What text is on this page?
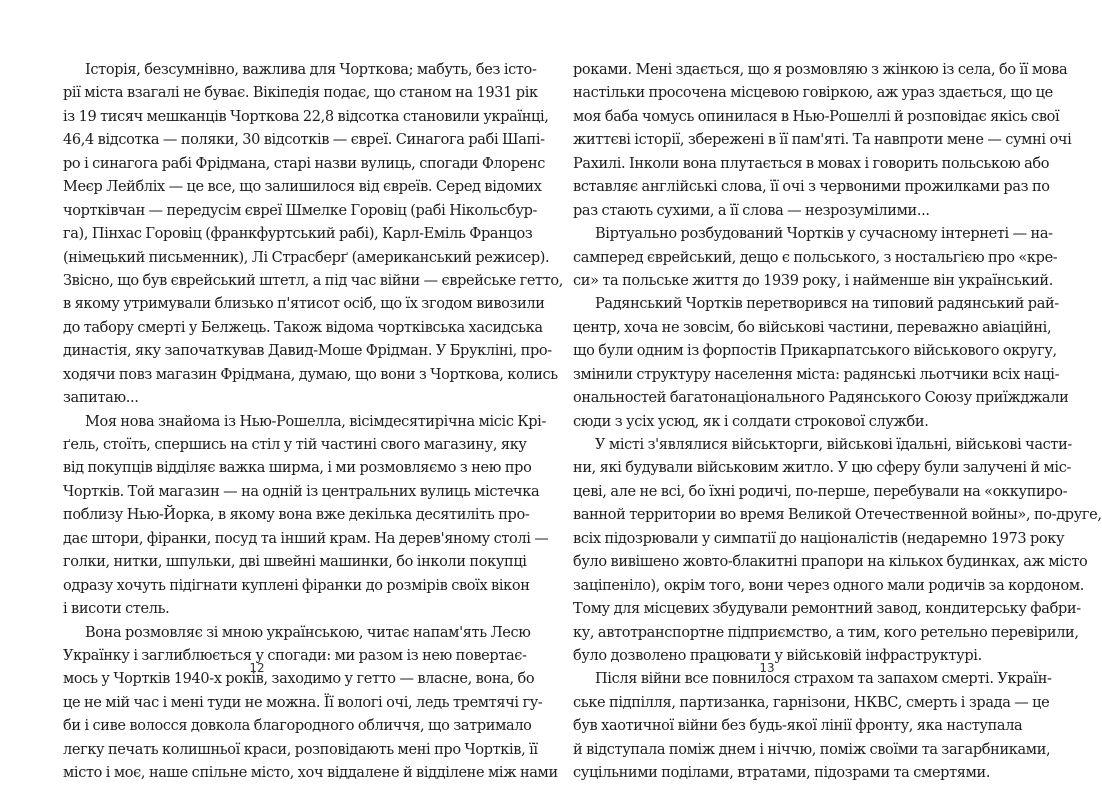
Історія, безсумнівно, важлива для Чорткова; мабуть, без істо-
рії міста взагалі не буває. Вікіпедія подає, що станом на 1931 рік
із 19 тисяч мешканців Чорткова 22,8 відсотка становили українці,
46,4 відсотка — поляки, 30 відсотків — євреї. Синагога рабі Шапі-
ро і синагога рабі Фрідмана, старі назви вулиць, спогади Флоренс
Меєр Лейбліх — це все, що залишилося від євреїв. Серед відомих
чортківчан — передусім євреї Шмелке Горовіц (рабі Нікольсбур-
га), Пінхас Горовіц (франкфуртський рабі), Карл-Еміль Францоз
(німецький письменник), Лі Страсберґ (американський режисер).
Звісно, що був єврейський штетл, а під час війни — єврейське гетто,
в якому утримували близько п'ятисот осіб, що їх згодом вивозили
до табору смерті у Белжець. Також відома чортківська хасидська
династія, яку започаткував Давид-Моше Фрідман. У Брукліні, про-
ходячи повз магазин Фрідмана, думаю, що вони з Чорткова, колись
запитаю...
Моя нова знайома із Нью-Рошелла, вісімдесятирічна місіс Крі-
ґель, стоїть, спершись на стіл у тій частині свого магазину, яку
від покупців відділяє важка ширма, і ми розмовляємо з нею про
Чортків. Той магазин — на одній із центральних вулиць містечка
поблизу Нью-Йорка, в якому вона вже декілька десятиліть про-
дає штори, фіранки, посуд та інший крам. На дерев'яному столі —
голки, нитки, шпульки, дві швейні машинки, бо інколи покупці
одразу хочуть підігнати куплені фіранки до розмірів своїх вікон
і висоти стель.
Вона розмовляє зі мною українською, читає напам'ять Лесю
Українку і заглиблюється у спогади: ми разом із нею повертає-
мось у Чортків 1940-х років, заходимо у гетто — власне, вона, бо
це не мій час і мені туди не можна. Її вологі очі, ледь тремтячі гу-
би і сиве волосся довкола благородного обличчя, що затримало
легку печать колишньої краси, розповідають мені про Чортків, її
місто і моє, наше спільне місто, хоч віддалене й відділене між нами
роками. Мені здається, що я розмовляю з жінкою із села, бо її мова
настільки просочена місцевою говіркою, аж ураз здається, що це
моя баба чомусь опинилася в Нью-Рошеллі й розповідає якісь свої
життєві історії, збережені в її пам'яті. Та навпроти мене — сумні очі
Рахилі. Інколи вона плутається в мовах і говорить польською або
вставляє англійські слова, її очі з червоними прожилками раз по
раз стають сухими, а її слова — незрозумілими...
Віртуально розбудований Чортків у сучасному інтернеті — на-
самперед єврейський, дещо є польського, з ностальгією про «кре-
си» та польське життя до 1939 року, і найменше він український.
Радянський Чортків перетворився на типовий радянський рай-
центр, хоча не зовсім, бо військові частини, переважно авіаційні,
що були одним із форпостів Прикарпатського військового округу,
змінили структуру населення міста: радянські льотчики всіх наці-
ональностей багатонаціонального Радянського Союзу приїжджали
сюди з усіх усюд, як і солдати строкової служби.
У місті з'являлися військторги, військові їдальні, військові части-
ни, які будували військовим житло. У цю сферу були залучені й міс-
цеві, але не всі, бо їхні родичі, по-перше, перебували на «оккупиро-
ванной территории во время Великой Отечественной войны», по-друге,
всіх підозрювали у симпатії до націоналістів (недаремно 1973 року
було вивішено жовто-блакитні прапори на кількох будинках, аж місто
заціпеніло), окрім того, вони через одного мали родичів за кордоном.
Тому для місцевих збудували ремонтний завод, кондитерську фабри-
ку, автотранспортне підприємство, а тим, кого ретельно перевірили,
було дозволено працювати у військовій інфраструктурі.
Після війни все повнилося страхом та запахом смерті. Україн-
ське підпілля, партизанка, гарнізони, НКВС, смерть і зрада — це
був хаотичної війни без будь-якої лінії фронту, яка наступала
й відступала поміж днем і ніччю, поміж своїми та загарбниками,
суцільними поділами, втратами, підозрами та смертями.
12	13
